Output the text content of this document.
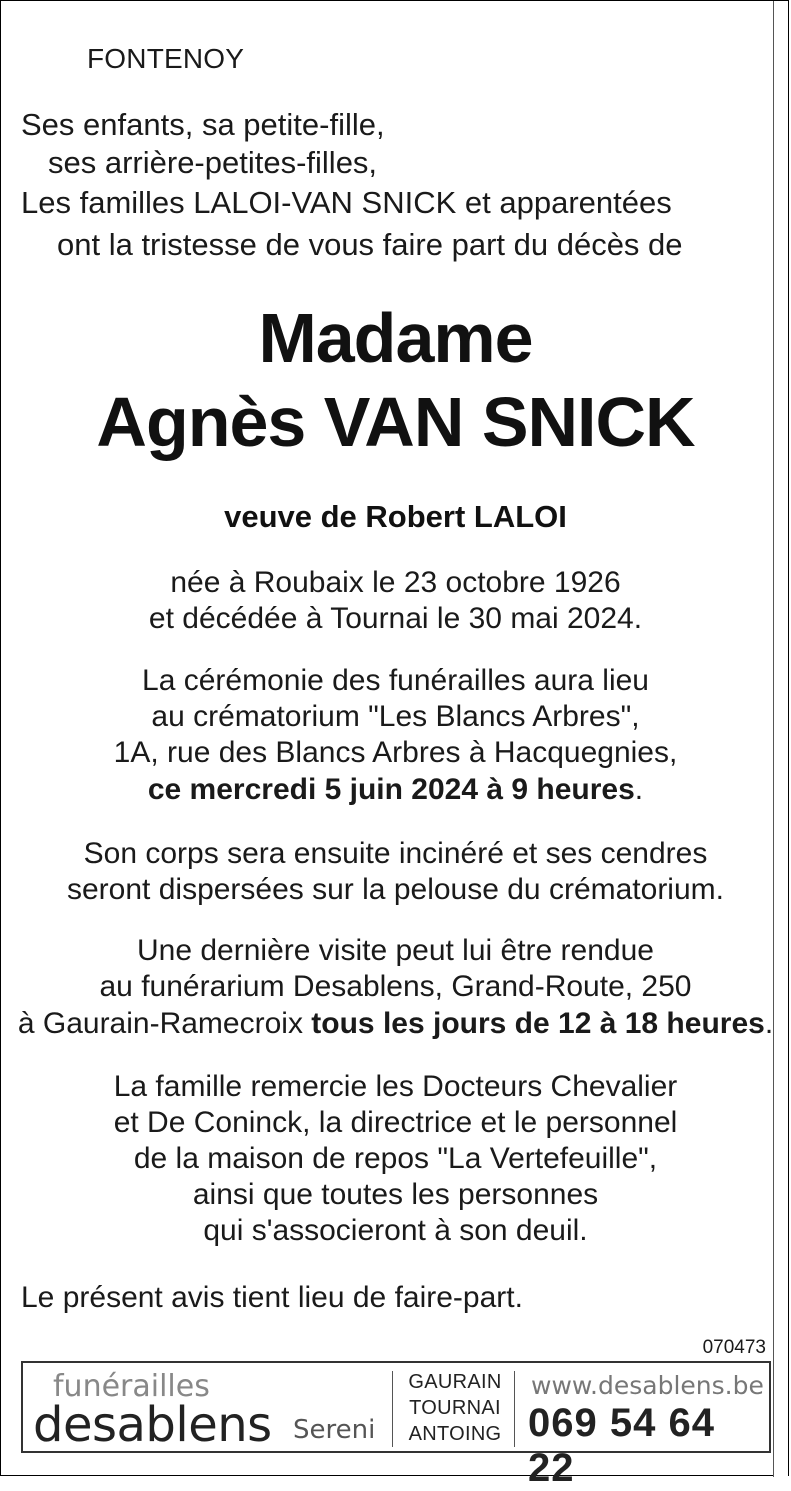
FONTENOY
Ses enfants, sa petite-fille,
ses arrière-petites-filles,
Les familles LALOI-VAN SNICK et apparentées
ont la tristesse de vous faire part du décès de
Madame
Agnès VAN SNICK
veuve de Robert LALOI
née à Roubaix le 23 octobre 1926
et décédée à Tournai le 30 mai 2024.
La cérémonie des funérailles aura lieu
au crématorium "Les Blancs Arbres",
1A, rue des Blancs Arbres à Hacquegnies,
ce mercredi 5 juin 2024 à 9 heures.
Son corps sera ensuite incinéré et ses cendres
seront dispersées sur la pelouse du crématorium.
Une dernière visite peut lui être rendue
au funérarium Desablens, Grand-Route, 250
à Gaurain-Ramecroix tous les jours de 12 à 18 heures.
La famille remercie les Docteurs Chevalier
et De Coninck, la directrice et le personnel
de la maison de repos "La Vertefeuille",
ainsi que toutes les personnes
qui s'associeront à son deuil.
Le présent avis tient lieu de faire-part.
070473
funérailles
desablens Sereni
GAURAIN
TOURNAI
ANTOING
www.desablens.be
069 54 64 22
